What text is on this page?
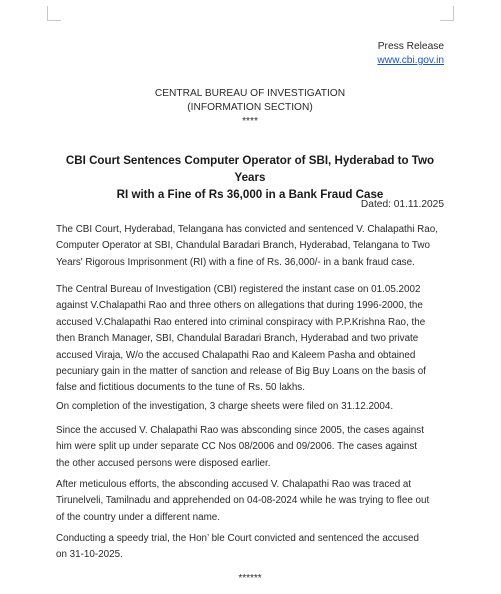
Press Release
www.cbi.gov.in
CENTRAL BUREAU OF INVESTIGATION
(INFORMATION SECTION)
****
CBI Court Sentences Computer Operator of SBI, Hyderabad to Two Years
RI with a Fine of Rs 36,000 in a Bank Fraud Case
Dated: 01.11.2025
The CBI Court, Hyderabad, Telangana has convicted and sentenced V. Chalapathi Rao,
Computer Operator at SBI, Chandulal Baradari Branch, Hyderabad, Telangana to Two
Years' Rigorous Imprisonment (RI) with a fine of Rs. 36,000/- in a bank fraud case.
The Central Bureau of Investigation (CBI) registered the instant case on 01.05.2002
against V.Chalapathi Rao and three others on allegations that during 1996-2000, the
accused V.Chalapathi Rao entered into criminal conspiracy with P.P.Krishna Rao, the
then Branch Manager, SBI, Chandulal Baradari Branch, Hyderabad and two private
accused Viraja, W/o the accused Chalapathi Rao and Kaleem Pasha and obtained
pecuniary gain in the matter of sanction and release of Big Buy Loans on the basis of
false and fictitious documents to the tune of Rs. 50 lakhs.
On completion of the investigation, 3 charge sheets were filed on 31.12.2004.
Since the accused V. Chalapathi Rao was absconding since 2005, the cases against
him were split up under separate CC Nos 08/2006 and 09/2006. The cases against
the other accused persons were disposed earlier.
After meticulous efforts, the absconding accused V. Chalapathi Rao was traced at
Tirunelveli, Tamilnadu and apprehended on 04-08-2024 while he was trying to flee out
of the country under a different name.
Conducting a speedy trial, the Hon’ ble Court convicted and sentenced the accused
on 31-10-2025.
******
